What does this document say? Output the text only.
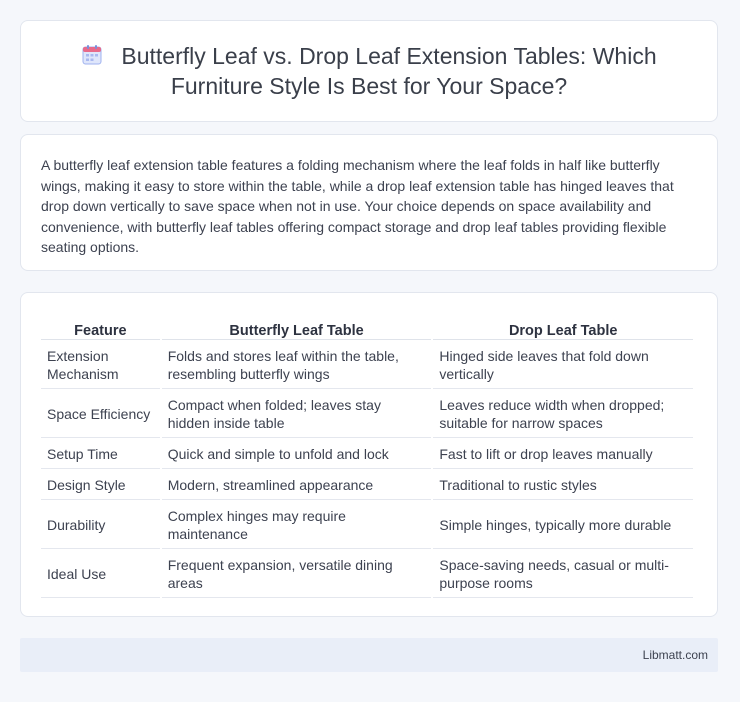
Butterfly Leaf vs. Drop Leaf Extension Tables: Which Furniture Style Is Best for Your Space?
A butterfly leaf extension table features a folding mechanism where the leaf folds in half like butterfly wings, making it easy to store within the table, while a drop leaf extension table has hinged leaves that drop down vertically to save space when not in use. Your choice depends on space availability and convenience, with butterfly leaf tables offering compact storage and drop leaf tables providing flexible seating options.
Feature	Butterfly Leaf Table	Drop Leaf Table
Extension Mechanism	Folds and stores leaf within the table, resembling butterfly wings	Hinged side leaves that fold down vertically
Space Efficiency	Compact when folded; leaves stay hidden inside table	Leaves reduce width when dropped; suitable for narrow spaces
Setup Time	Quick and simple to unfold and lock	Fast to lift or drop leaves manually
Design Style	Modern, streamlined appearance	Traditional to rustic styles
Durability	Complex hinges may require maintenance	Simple hinges, typically more durable
Ideal Use	Frequent expansion, versatile dining areas	Space-saving needs, casual or multi-purpose rooms
Libmatt.com
